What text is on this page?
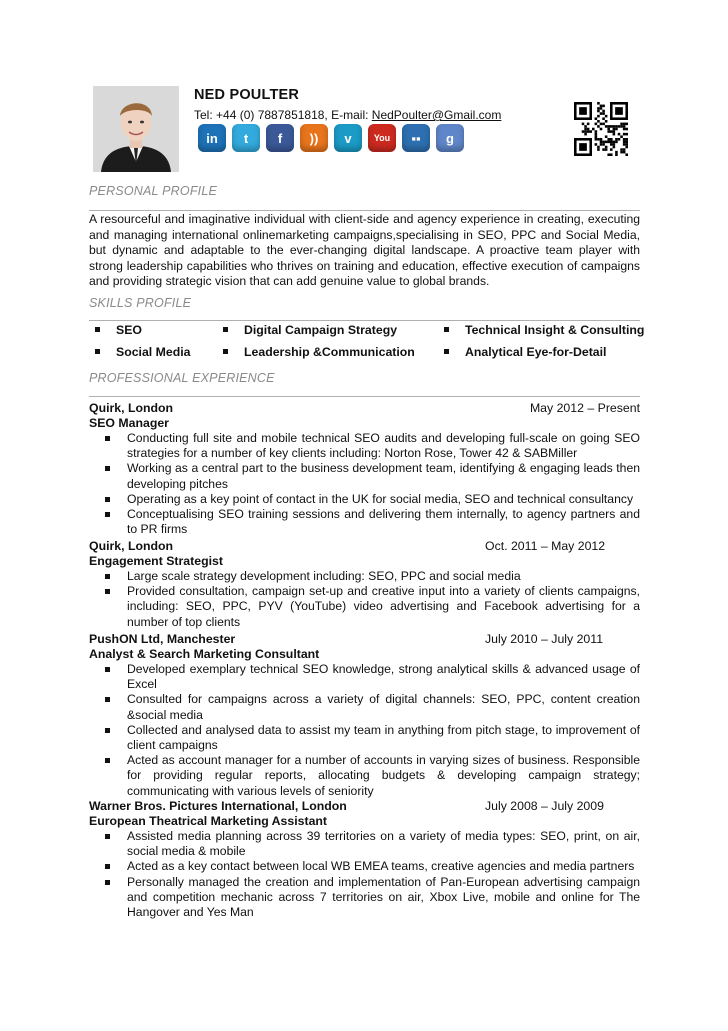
NED POULTER
Tel: +44 (0) 7887851818, E-mail: NedPoulter@Gmail.com
in	t	f	))	v	You	▪▪	g
PERSONAL PROFILE
A resourceful and imaginative individual with client-side and agency experience in creating, executing
and managing international onlinemarketing campaigns,specialising in SEO, PPC and Social Media,
but dynamic and adaptable to the ever-changing digital landscape. A proactive team player with
strong leadership capabilities who thrives on training and education, effective execution of campaigns
and providing strategic vision that can add genuine value to global brands.
SKILLS PROFILE
SEO	Digital Campaign Strategy	Technical Insight & Consulting
Social Media	Leadership &Communication	Analytical Eye-for-Detail
PROFESSIONAL EXPERIENCE
Quirk, London	May 2012 – Present
SEO Manager
Conducting full site and mobile technical SEO audits and developing full-scale on going SEO strategies for a number of key clients including: Norton Rose, Tower 42 & SABMiller
Working as a central part to the business development team, identifying & engaging leads then developing pitches
Operating as a key point of contact in the UK for social media, SEO and technical consultancy
Conceptualising SEO training sessions and delivering them internally, to agency partners and to PR firms
Quirk, London	Oct. 2011 – May 2012
Engagement Strategist
Large scale strategy development including: SEO, PPC and social media
Provided consultation, campaign set-up and creative input into a variety of clients campaigns, including: SEO, PPC, PYV (YouTube) video advertising and Facebook advertising for a number of top clients
PushON Ltd, Manchester	July 2010 – July 2011
Analyst & Search Marketing Consultant
Developed exemplary technical SEO knowledge, strong analytical skills & advanced usage of Excel
Consulted for campaigns across a variety of digital channels: SEO, PPC, content creation &social media
Collected and analysed data to assist my team in anything from pitch stage, to improvement of client campaigns
Acted as account manager for a number of accounts in varying sizes of business. Responsible for providing regular reports, allocating budgets & developing campaign strategy; communicating with various levels of seniority
Warner Bros. Pictures International, London	July 2008 – July 2009
European Theatrical Marketing Assistant
Assisted media planning across 39 territories on a variety of media types: SEO, print, on air, social media & mobile
Acted as a key contact between local WB EMEA teams, creative agencies and media partners
Personally managed the creation and implementation of Pan-European advertising campaign and competition mechanic across 7 territories on air, Xbox Live, mobile and online for The Hangover and Yes Man
